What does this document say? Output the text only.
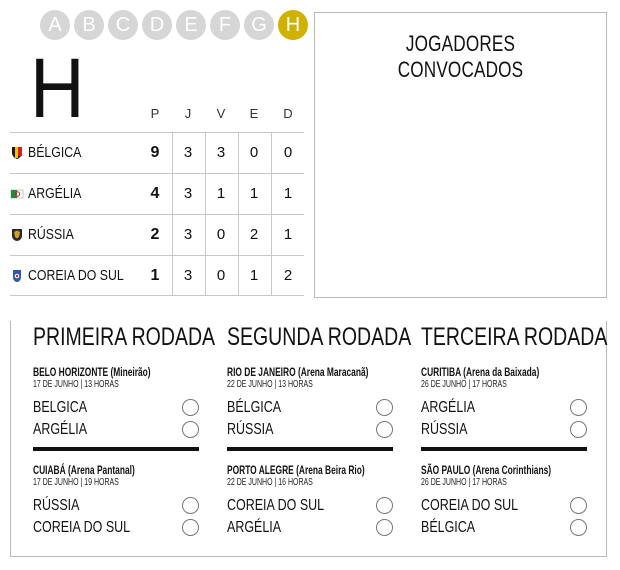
A	B	C D	E	F	G H
H	P	J	V	E	D
BÉLGICA	9	3	3	0	0
ARGÉLIA	4	3	1	1	1
RÚSSIA	2	3	0	2	1
COREIA DO SUL	1	3	0	1	2
JOGADORES CONVOCADOS
PRIMEIRA RODADA
BELO HORIZONTE (Mineirão)
17 DE JUNHO | 13 HORAS
BELGICA
ARGÉLIA
CUIABÁ (Arena Pantanal)
17 DE JUNHO | 19 HORAS
RÚSSIA
COREIA DO SUL
SEGUNDA RODADA
RIO DE JANEIRO (Arena Maracanã)
22 DE JUNHO | 13 HORAS
BÉLGICA
RÚSSIA
PORTO ALEGRE (Arena Beira Rio)
22 DE JUNHO | 16 HORAS
COREIA DO SUL
ARGÉLIA
TERCEIRA RODADA
CURITIBA (Arena da Baixada)
26 DE JUNHO | 17 HORAS
ARGÉLIA
RÚSSIA
SÃO PAULO (Arena Corinthians)
26 DE JUNHO | 17 HORAS
COREIA DO SUL
BÉLGICA
